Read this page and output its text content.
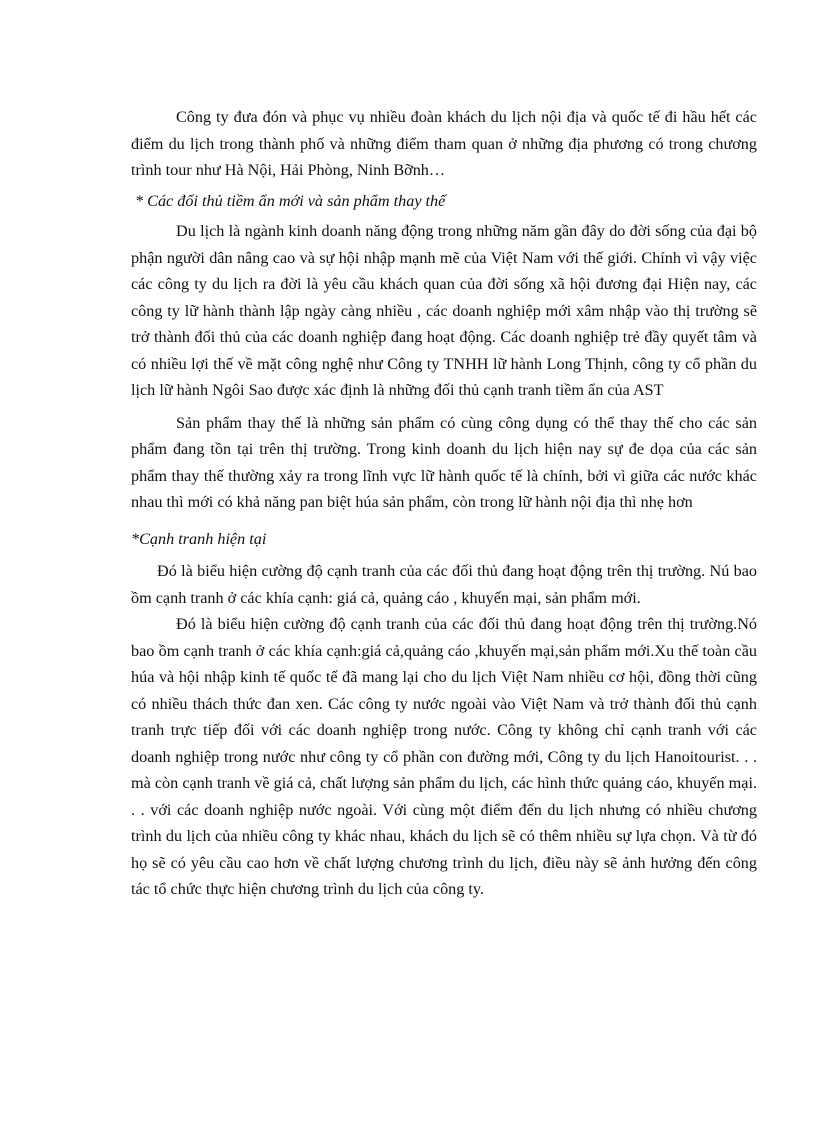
Công ty đưa đón và phục vụ nhiều đoàn khách du lịch nội địa và quốc tế đi hầu hết các điểm du lịch trong thành phố và những điểm tham quan ở những địa phương có trong chương trình tour như Hà Nội, Hải Phòng, Ninh Bỡnh…

* Các đối thủ tiềm ẩn mới và sản phẩm thay thế

Du lịch là ngành kinh doanh năng động trong những năm gần đây do đời sống của đại bộ phận người dân nâng cao và sự hội nhập mạnh mẽ của Việt Nam với thế giới. Chính vì vậy việc các công ty du lịch ra đời là yêu cầu khách quan của đời sống xã hội đương đại Hiện nay, các công ty lữ hành thành lập ngày càng nhiều , các doanh nghiệp mới xâm nhập vào thị trường sẽ trở thành đối thủ của các doanh nghiệp đang hoạt động. Các doanh nghiệp trẻ đầy quyết tâm và có nhiều lợi thế về mặt công nghệ như Công ty TNHH lữ hành Long Thịnh, công ty cổ phần du lịch lữ hành Ngôi Sao được xác định là những đối thủ cạnh tranh tiềm ẩn của AST

Sản phẩm thay thế là những sản phẩm có cùng công dụng có thể thay thế cho các sản phẩm đang tồn tại trên thị trường. Trong kinh doanh du lịch hiện nay sự đe dọa của các sản phẩm thay thế thường xảy ra trong lĩnh vực lữ hành quốc tế là chính, bởi vì giữa các nước khác nhau thì mới có khả năng pan biệt húa sản phẩm, còn trong lữ hành nội địa thì nhẹ hơn

*Cạnh tranh hiện tại

Đó là biểu hiện cường độ cạnh tranh của các đối thủ đang hoạt động trên thị trường. Nú bao ồm cạnh tranh ở các khía cạnh: giá cả, quảng cáo , khuyến mại, sản phẩm mới.

Đó là biểu hiện cường độ cạnh tranh của các đối thủ đang hoạt động trên thị trường.Nó bao ồm cạnh tranh ở các khía cạnh:giá cả,quảng cáo ,khuyến mại,sản phẩm mới.Xu thế toàn cầu húa và hội nhập kinh tế quốc tế đã mang lại cho du lịch Việt Nam nhiều cơ hội, đồng thời cũng có nhiều thách thức đan xen. Các công ty nước ngoài vào Việt Nam và trở thành đối thủ cạnh tranh trực tiếp đối với các doanh nghiệp trong nước. Công ty không chỉ cạnh tranh với các doanh nghiệp trong nước như công ty cổ phần con đường mới, Công ty du lịch Hanoitourist. . . mà còn cạnh tranh về giá cả, chất lượng sản phẩm du lịch, các hình thức quảng cáo, khuyến mại. . . với các doanh nghiệp nước ngoài. Với cùng một điểm đến du lịch nhưng có nhiều chương trình du lịch của nhiều công ty khác nhau, khách du lịch sẽ có thêm nhiều sự lựa chọn. Và từ đó họ sẽ có yêu cầu cao hơn về chất lượng chương trình du lịch, điều này sẽ ảnh hưởng đến công tác tổ chức thực hiện chương trình du lịch của công ty.
